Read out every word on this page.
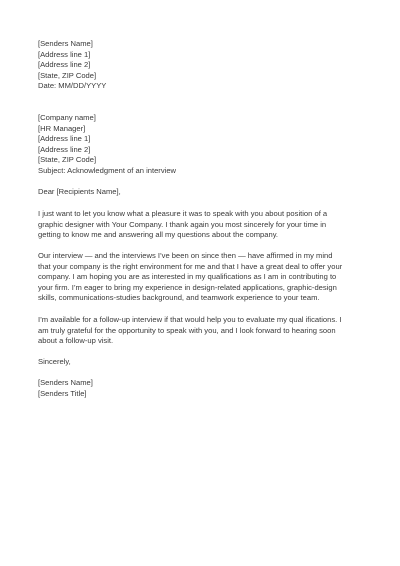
[Senders Name]
[Address line 1]
[Address line 2]
[State, ZIP Code]
Date: MM/DD/YYYY
[Company name]
[HR Manager]
[Address line 1]
[Address line 2]
[State, ZIP Code]
Subject: Acknowledgment of an interview
Dear [Recipients Name],
I just want to let you know what a pleasure it was to speak with you about position of a
graphic designer with Your Company. I thank again you most sincerely for your time in
getting to know me and answering all my questions about the company.
Our interview — and the interviews I’ve been on since then — have affirmed in my mind
that your company is the right environment for me and that I have a great deal to offer your
company. I am hoping you are as interested in my qualifications as I am in contributing to
your firm. I’m eager to bring my experience in design-related applications, graphic-design
skills, communications-studies background, and teamwork experience to your team.
I’m available for a follow-up interview if that would help you to evaluate my qual ifications. I
am truly grateful for the opportunity to speak with you, and I look forward to hearing soon
about a follow-up visit.
Sincerely,
[Senders Name]
[Senders Title]
